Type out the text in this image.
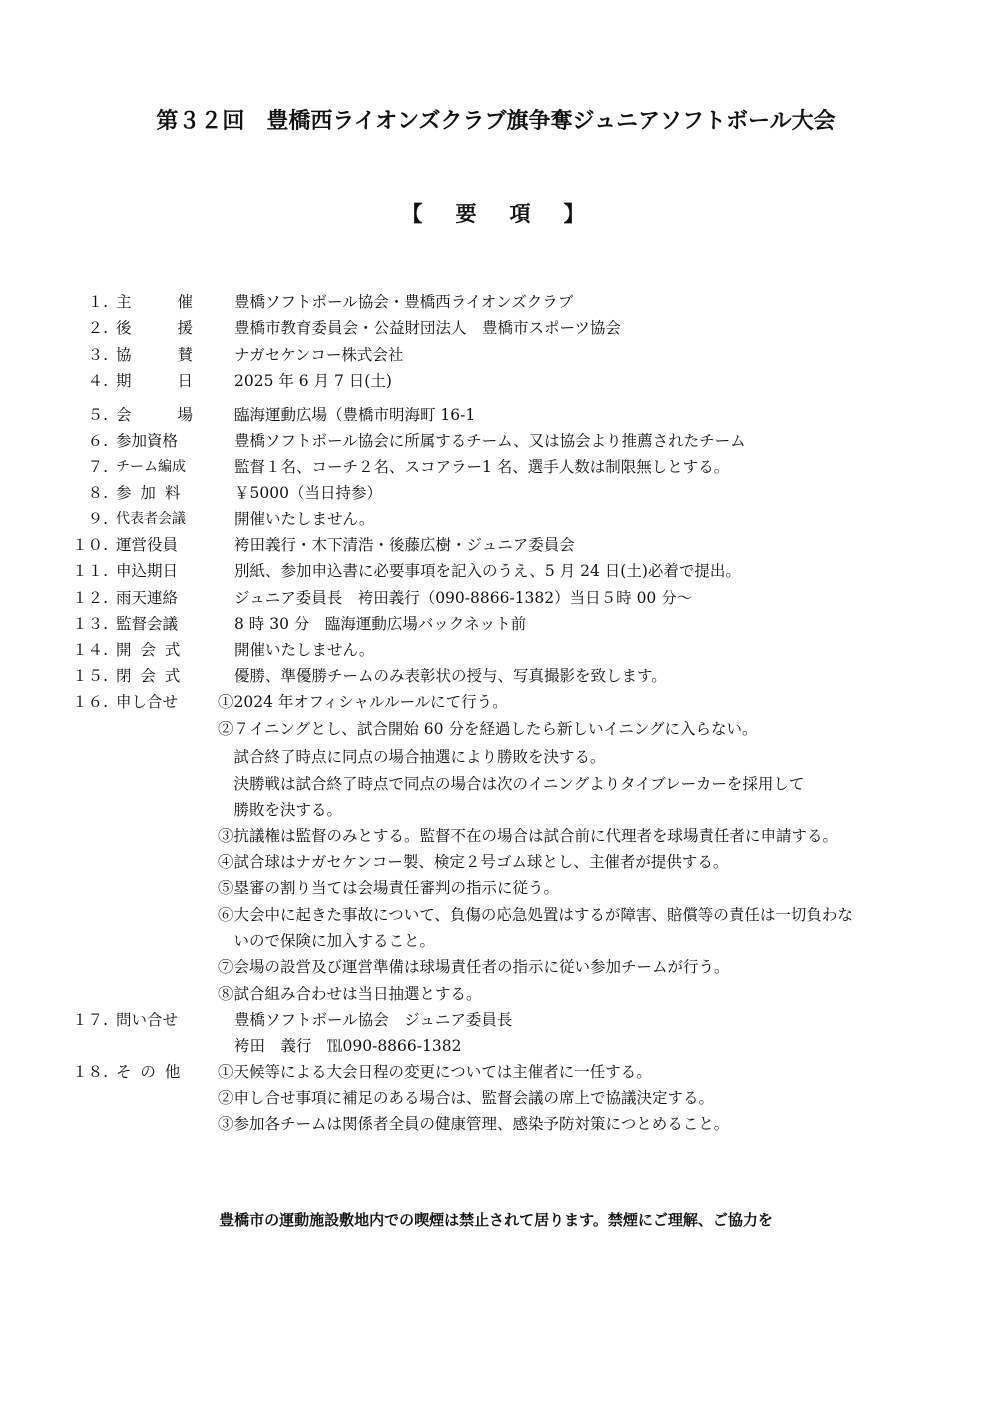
第３２回　豊橋西ライオンズクラブ旗争奪ジュニアソフトボール大会
【　要　項　】
１. 主　　催 豊橋ソフトボール協会・豊橋西ライオンズクラブ
２. 後　　援 豊橋市教育委員会・公益財団法人　豊橋市スポーツ協会
３. 協　　賛 ナガセケンコー株式会社
４. 期　　日 2025 年 6 月 7 日(土)
５. 会　　場 臨海運動広場（豊橋市明海町 16-1
６. 参加資格	豊橋ソフトボール協会に所属するチーム、又は協会より推薦されたチーム
７. チーム編成	監督１名、コーチ２名、スコアラー1 名、選手人数は制限無しとする。
８. 参 加 料	￥5000（当日持参）
９. 代表者会議	開催いたしません。
１０. 運営役員	袴田義行・木下清浩・後藤広樹・ジュニア委員会
１１. 申込期日	別紙、参加申込書に必要事項を記入のうえ、5 月 24 日(土)必着で提出。
１２. 雨天連絡	ジュニア委員長　袴田義行（090-8866-1382）当日５時 00 分～
１３. 監督会議	8 時 30 分　臨海運動広場バックネット前
１４. 開 会 式	開催いたしません。
１５. 閉 会 式	優勝、準優勝チームのみ表彰状の授与、写真撮影を致します。
１６. 申し合せ	①2024 年オフィシャルルールにて行う。
②７イニングとし、試合開始 60 分を経過したら新しいイニングに入らない。
　試合終了時点に同点の場合抽選により勝敗を決する。
　決勝戦は試合終了時点で同点の場合は次のイニングよりタイブレーカーを採用して
　勝敗を決する。
③抗議権は監督のみとする。監督不在の場合は試合前に代理者を球場責任者に申請する。
④試合球はナガセケンコー製、検定２号ゴム球とし、主催者が提供する。
⑤塁審の割り当ては会場責任審判の指示に従う。
⑥大会中に起きた事故について、負傷の応急処置はするが障害、賠償等の責任は一切負わな
　いので保険に加入すること。
⑦会場の設営及び運営準備は球場責任者の指示に従い参加チームが行う。
⑧試合組み合わせは当日抽選とする。
１７. 問い合せ	豊橋ソフトボール協会　ジュニア委員長
袴田　義行　℡090-8866-1382
１８. そ の 他 ①天候等による大会日程の変更については主催者に一任する。
②申し合せ事項に補足のある場合は、監督会議の席上で協議決定する。
③参加各チームは関係者全員の健康管理、感染予防対策につとめること。
豊橋市の運動施設敷地内での喫煙は禁止されて居ります。禁煙にご理解、ご協力を
